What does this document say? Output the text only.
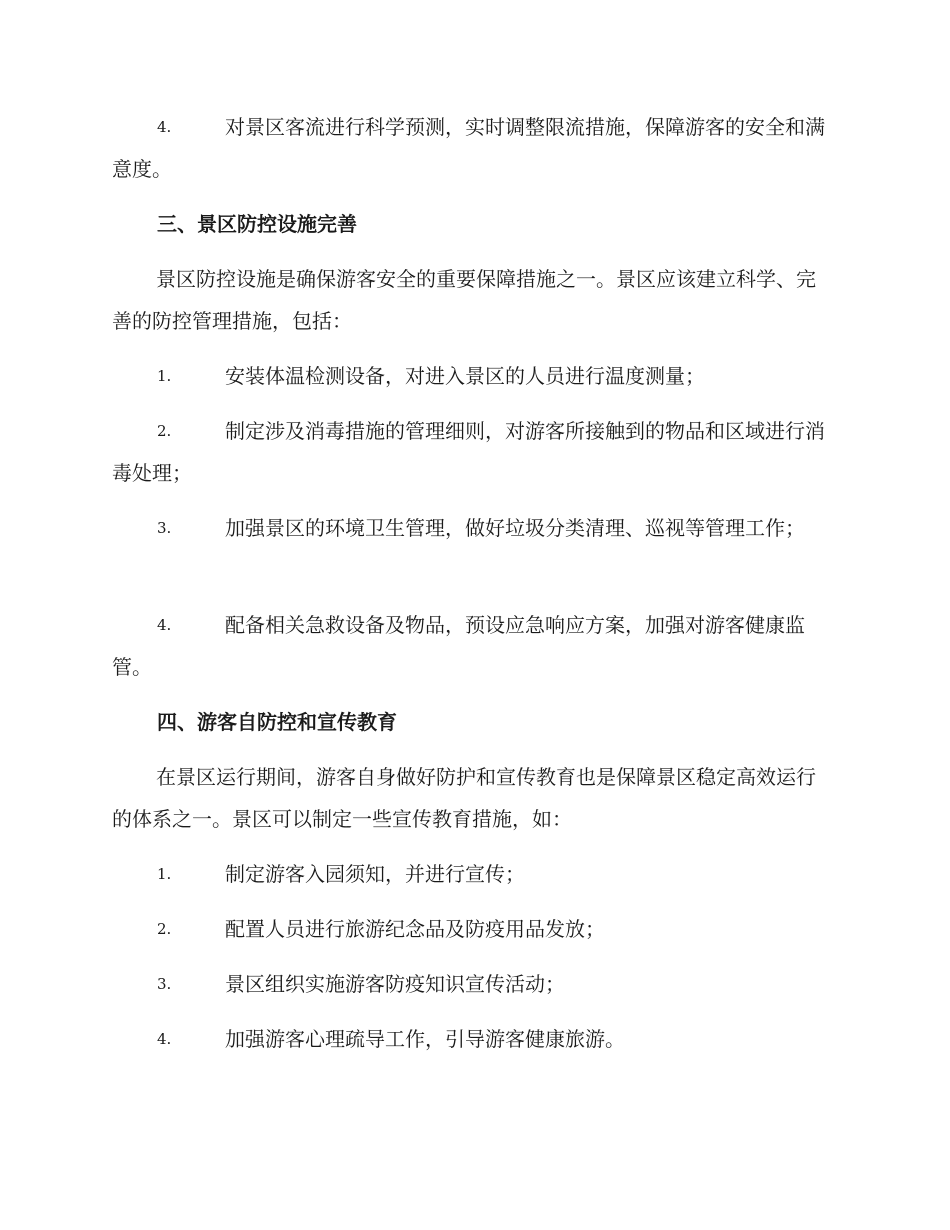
4.	对景区客流进行科学预测，实时调整限流措施，保障游客的安全和满意度。
三、景区防控设施完善
景区防控设施是确保游客安全的重要保障措施之一。景区应该建立科学、完善的防控管理措施，包括：
1.	安装体温检测设备，对进入景区的人员进行温度测量；
2.	制定涉及消毒措施的管理细则，对游客所接触到的物品和区域进行消毒处理；
3.	加强景区的环境卫生管理，做好垃圾分类清理、巡视等管理工作；
4.	配备相关急救设备及物品，预设应急响应方案，加强对游客健康监管。
四、游客自防控和宣传教育
在景区运行期间，游客自身做好防护和宣传教育也是保障景区稳定高效运行的体系之一。景区可以制定一些宣传教育措施，如：
1.	制定游客入园须知，并进行宣传；
2.	配置人员进行旅游纪念品及防疫用品发放；
3.	景区组织实施游客防疫知识宣传活动；
4.	加强游客心理疏导工作，引导游客健康旅游。
